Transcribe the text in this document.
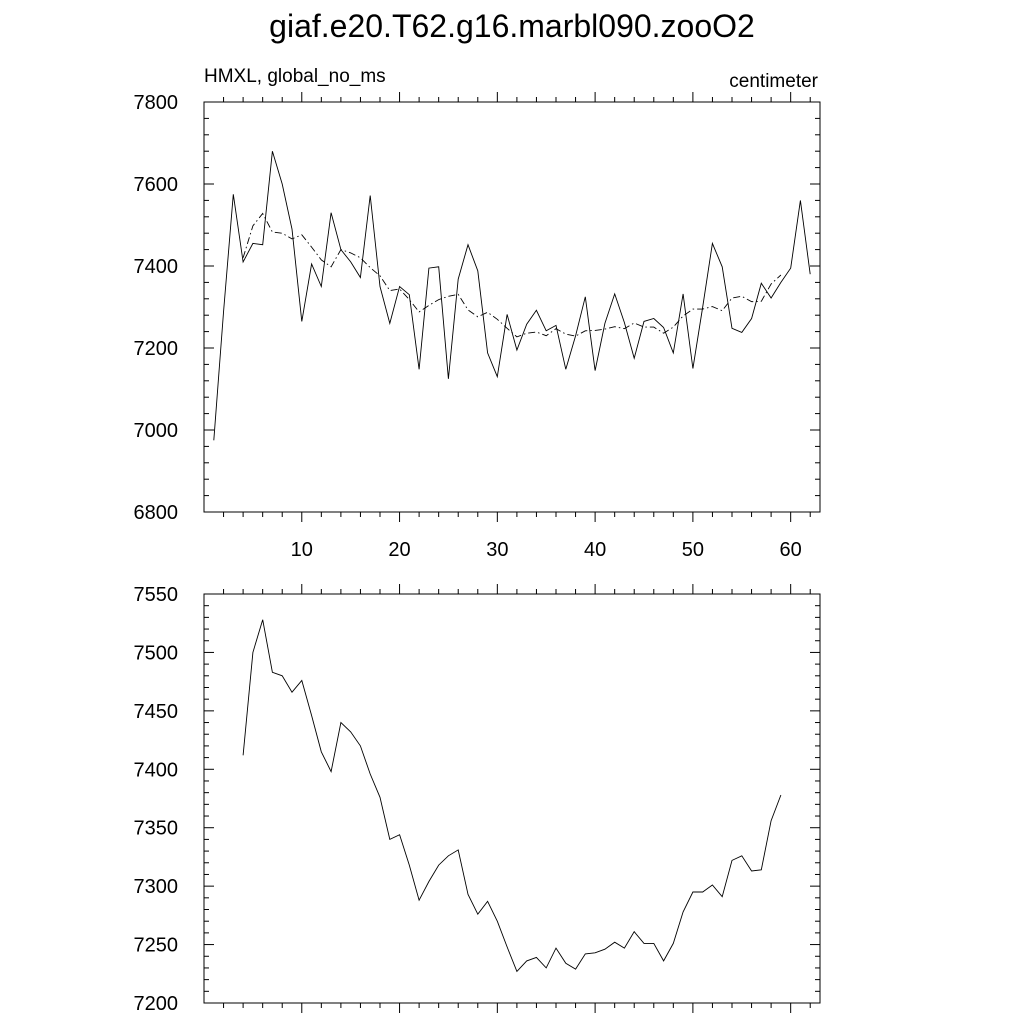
giaf.e20.T62.g16.marbl090.zooO2
6800
7000
7200
7400
7600
7800
10	20	30	40	50	60
HMXL, global_no_ms	centimeter
7200
7250
7300
7350
7400
7450
7500
7550
